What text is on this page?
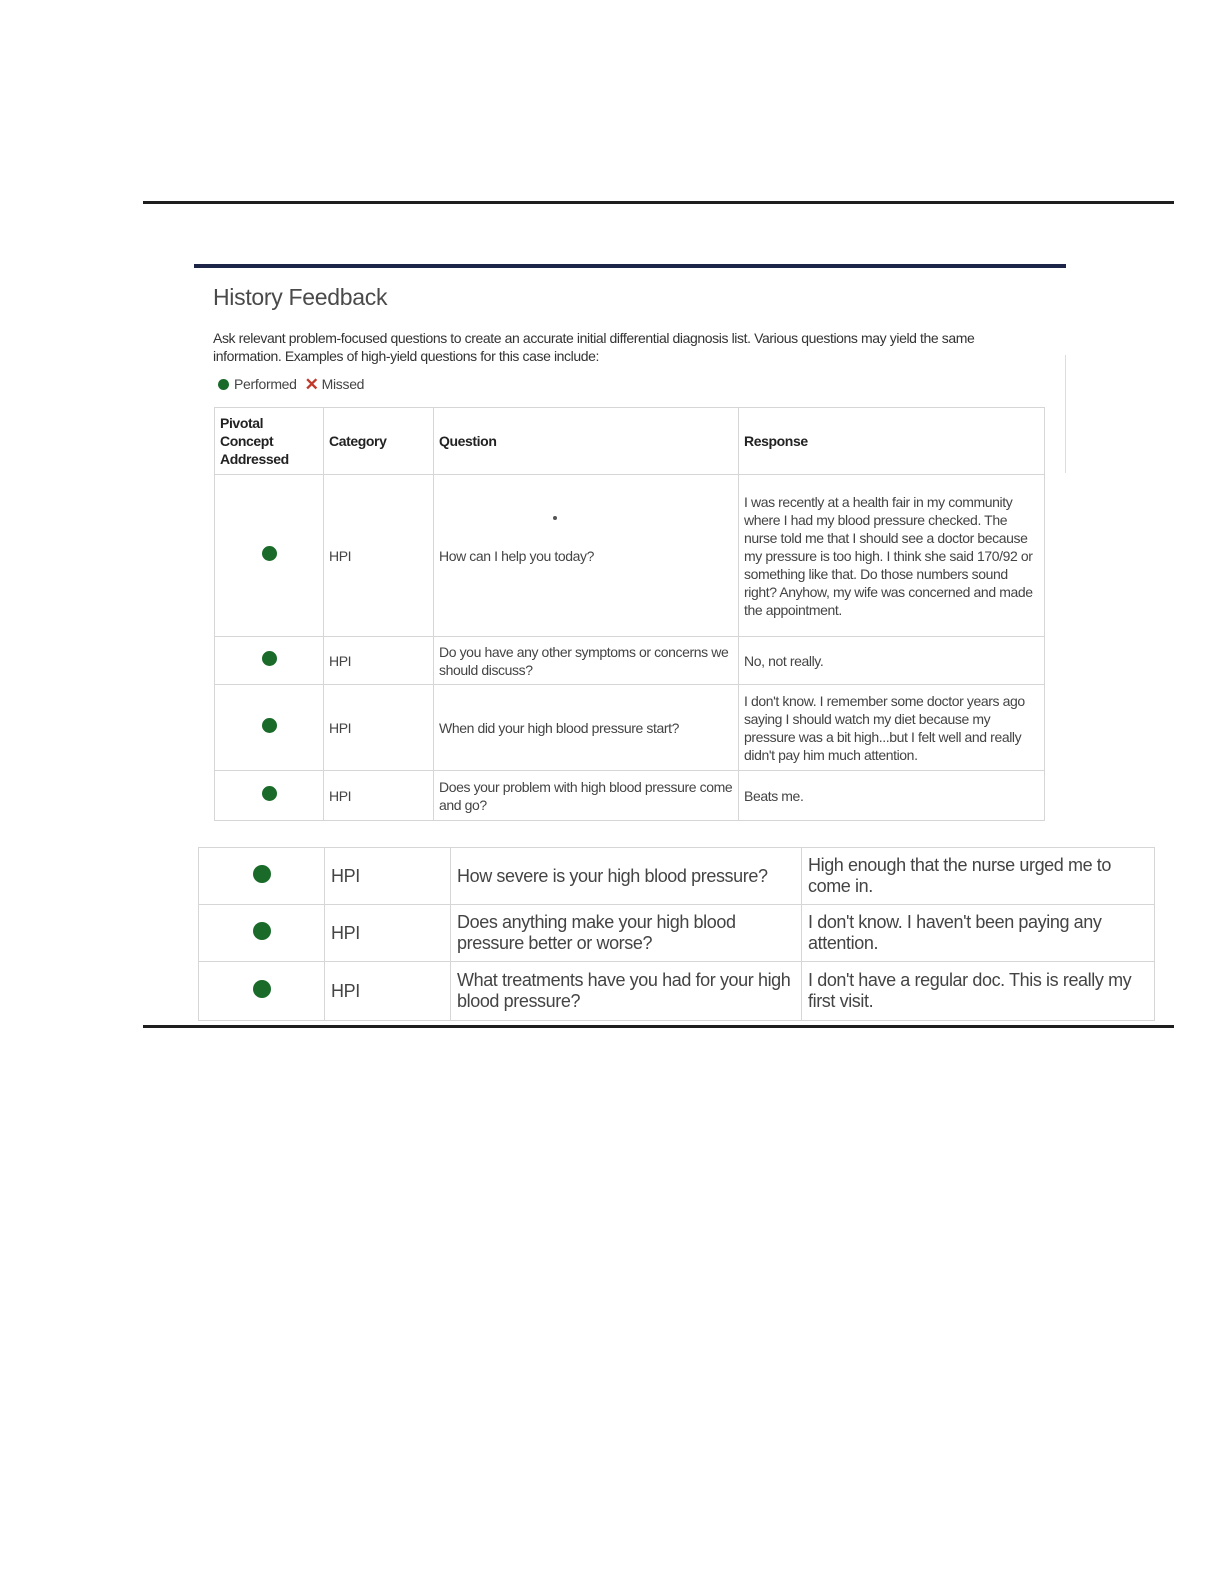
History Feedback
Ask relevant problem-focused questions to create an accurate initial differential diagnosis list. Various questions may yield the same information. Examples of high-yield questions for this case include:
Performed ✕ Missed
Pivotal Concept Addressed	Category	Question	Response
	HPI	How can I help you today?	I was recently at a health fair in my community where I had my blood pressure checked. The nurse told me that I should see a doctor because my pressure is too high. I think she said 170/92 or something like that. Do those numbers sound right? Anyhow, my wife was concerned and made the appointment.
	HPI	Do you have any other symptoms or concerns we should discuss?	No, not really.
	HPI	When did your high blood pressure start?	I don't know. I remember some doctor years ago saying I should watch my diet because my pressure was a bit high...but I felt well and really didn't pay him much attention.
	HPI	Does your problem with high blood pressure come and go?	Beats me.
	HPI	How severe is your high blood pressure?	High enough that the nurse urged me to come in.
	HPI	Does anything make your high blood pressure better or worse?	I don't know. I haven't been paying any attention.
	HPI	What treatments have you had for your high blood pressure?	I don't have a regular doc. This is really my first visit.
